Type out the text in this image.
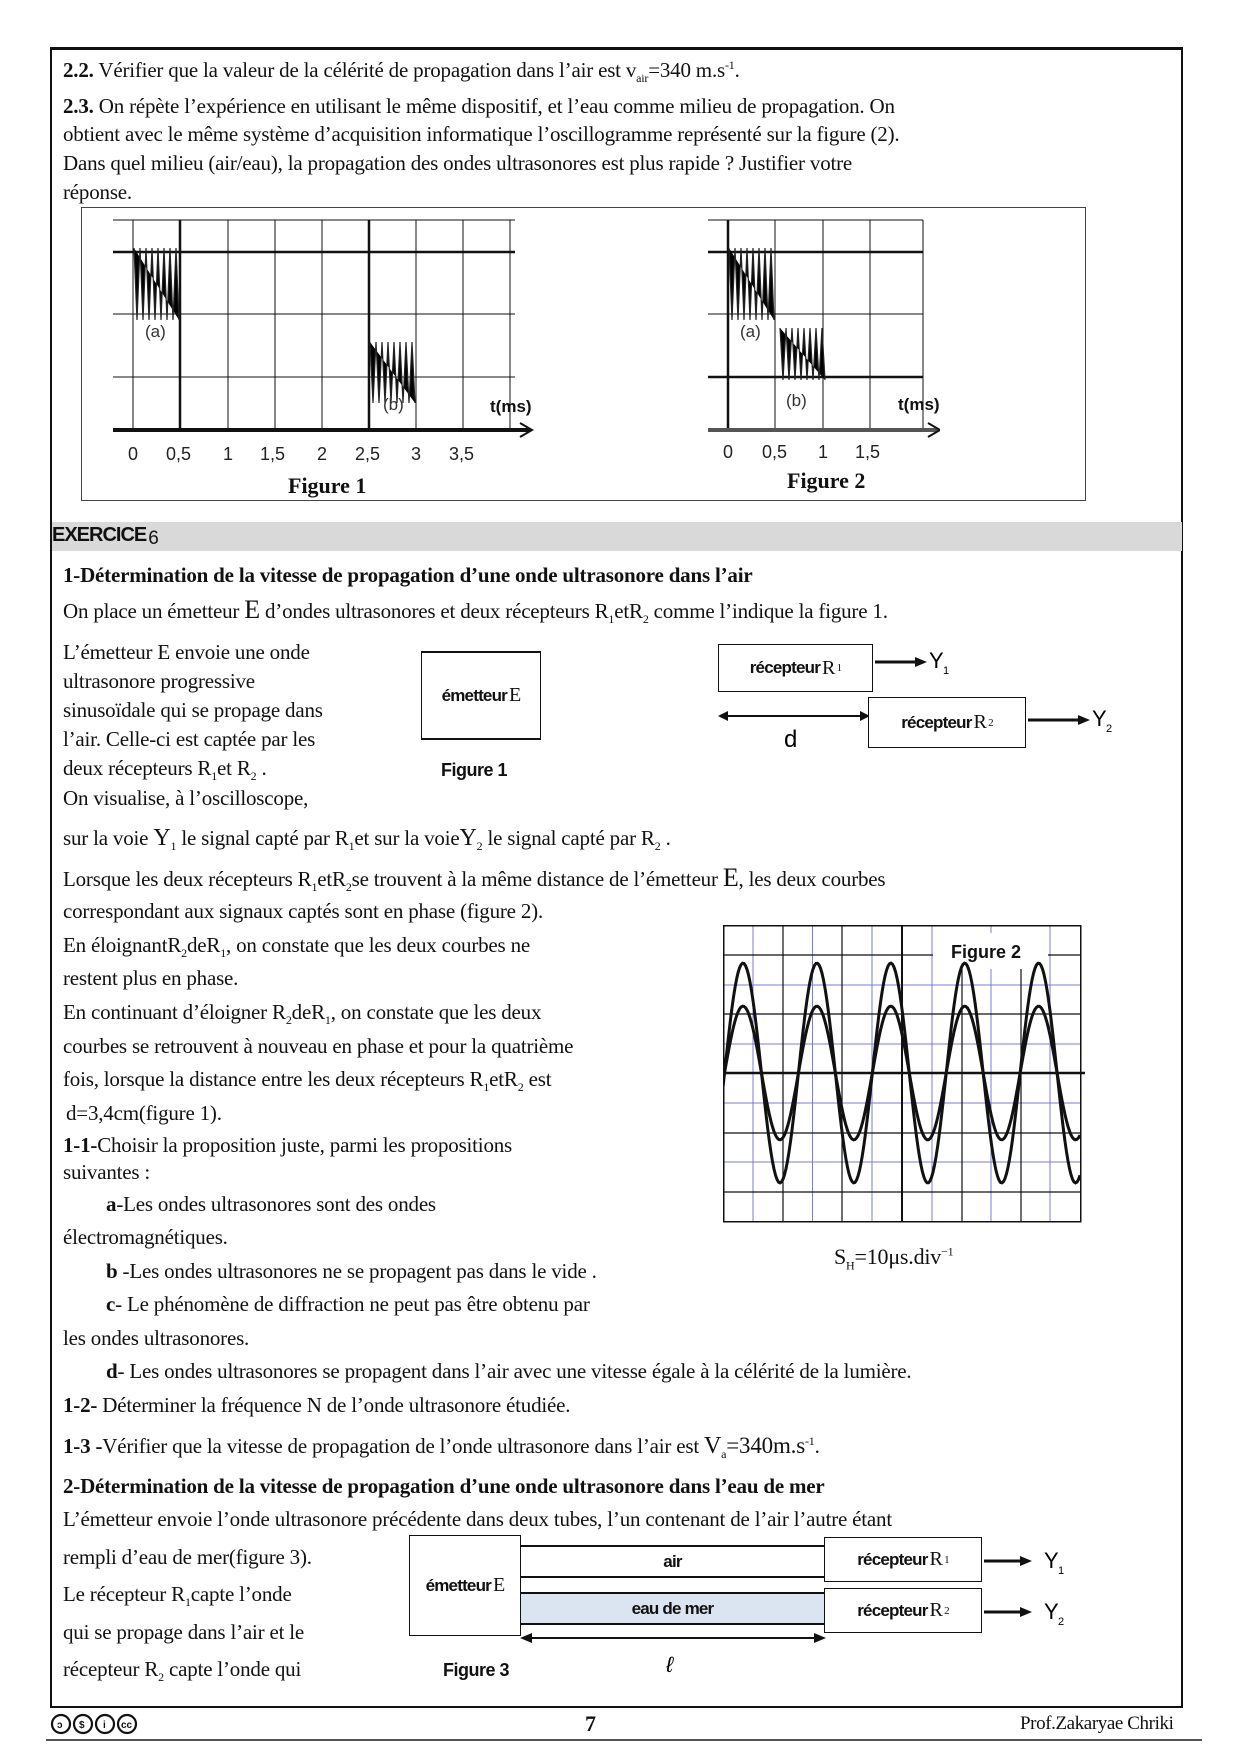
2.2. Vérifier que la valeur de la célérité de propagation dans l’air est $v_{air}=340$ $m.s^{-1}$.
2.3. On répète l’expérience en utilisant le même dispositif, et l’eau comme milieu de propagation. On
obtient avec le même système d’acquisition informatique l’oscillogramme représenté sur la figure (2).
Dans quel milieu (air/eau), la propagation des ondes ultrasonores est plus rapide ? Justifier votre
réponse.
(a)
(b)	t(ms)
0 0,5 1 1,5 2 2,5 3 3,5
Figure 1
(a)
(b)	t(ms)
0 0,5 1 1,5
Figure 2
EXERCICE 6
1-Détermination de la vitesse de propagation d’une onde ultrasonore dans l’air
On place un émetteur E d’ondes ultrasonores et deux récepteurs $R_1etR_2$ comme l’indique la figure 1.
L’émetteur E envoie une onde
ultrasonore progressive
sinusoïdale qui se propage dans
l’air. Celle-ci est captée par les
deux récepteurs $R_1et$ $R_2$ .
On visualise, à l’oscilloscope,
émetteur E
Figure 1
récepteur R 1	Y 1
d
récepteur R 2	Y 2
sur la voie $Y_1$ le signal capté par $R_1et$ sur la voieY$_2$ le signal capté par $R_2$ .
Lorsque les deux récepteurs $R_1etR_2se$ trouvent à la même distance de l’émetteur E, les deux courbes
correspondant aux signaux captés sont en phase (figure 2).
En éloignantR$_2$deR$_1$, on constate que les deux courbes ne
restent plus en phase.
En continuant d’éloigner $R_2deR_1$, on constate que les deux
courbes se retrouvent à nouveau en phase et pour la quatrième
fois, lorsque la distance entre les deux récepteurs $R_1etR_2$ est
d=3,4cm(figure 1).
1-1-Choisir la proposition juste, parmi les propositions
suivantes :
a-Les ondes ultrasonores sont des ondes
électromagnétiques.
b -Les ondes ultrasonores ne se propagent pas dans le vide .
c- Le phénomène de diffraction ne peut pas être obtenu par
les ondes ultrasonores.
d- Les ondes ultrasonores se propagent dans l’air avec une vitesse égale à la célérité de la lumière.
1-2- Déterminer la fréquence N de l’onde ultrasonore étudiée.
1-3 -Vérifier que la vitesse de propagation de l’onde ultrasonore dans l’air est $V_a=340m.s^{-1}$.
Figure 2
$S_H=10\mu s.div^{-1}$
2-Détermination de la vitesse de propagation d’une onde ultrasonore dans l’eau de mer
L’émetteur envoie l’onde ultrasonore précédente dans deux tubes, l’un contenant de l’air l’autre étant
rempli d’eau de mer(figure 3).
Le récepteur $R_1capte$ l’onde
qui se propage dans l’air et le
récepteur $R_2$ capte l’onde qui
émetteur E
air
eau de mer
récepteur R 1
récepteur R 2
Y 1
Y 2
ℓ
Figure 3
ɔ $ i cc	7	Prof.Zakaryae Chriki
